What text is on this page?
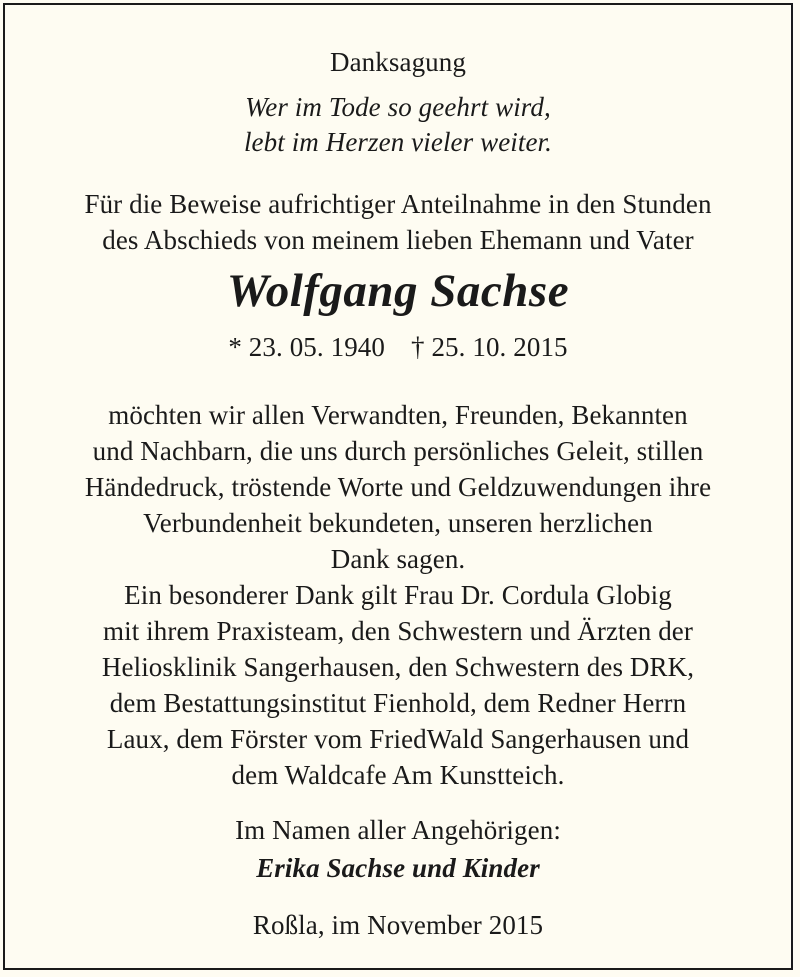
Danksagung
Wer im Tode so geehrt wird,
lebt im Herzen vieler weiter.
Für die Beweise aufrichtiger Anteilnahme in den Stunden
des Abschieds von meinem lieben Ehemann und Vater
Wolfgang Sachse
* 23. 05. 1940 † 25. 10. 2015
möchten wir allen Verwandten, Freunden, Bekannten
und Nachbarn, die uns durch persönliches Geleit, stillen
Händedruck, tröstende Worte und Geldzuwendungen ihre
Verbundenheit bekundeten, unseren herzlichen
Dank sagen.
Ein besonderer Dank gilt Frau Dr. Cordula Globig
mit ihrem Praxisteam, den Schwestern und Ärzten der
Heliosklinik Sangerhausen, den Schwestern des DRK,
dem Bestattungsinstitut Fienhold, dem Redner Herrn
Laux, dem Förster vom FriedWald Sangerhausen und
dem Waldcafe Am Kunstteich.
Im Namen aller Angehörigen:
Erika Sachse und Kinder
Roßla, im November 2015
